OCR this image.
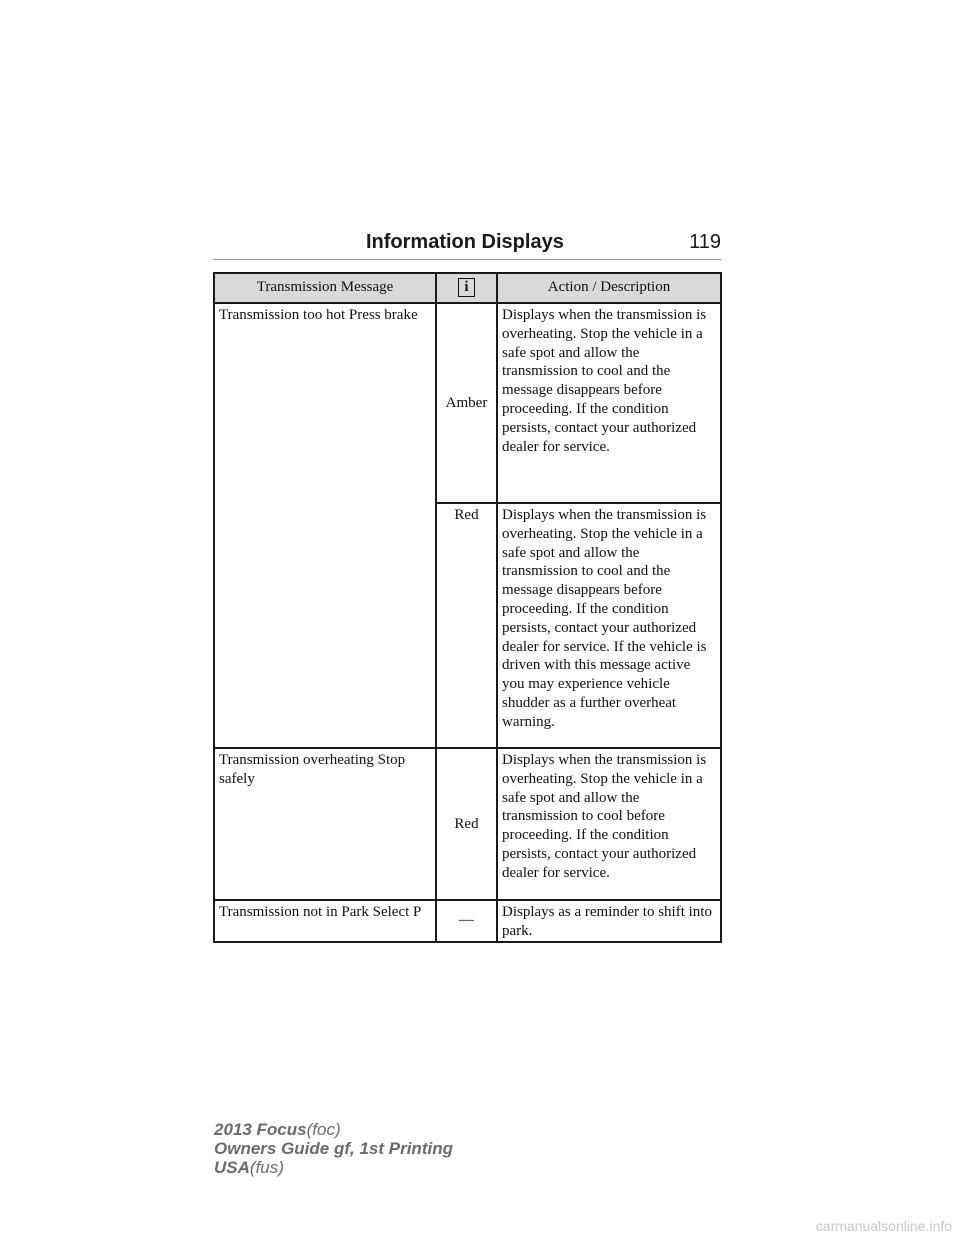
Information Displays	119
Transmission Message	i	Action / Description
Transmission too hot Press brake	Amber	Displays when the transmission is overheating. Stop the vehicle in a safe spot and allow the transmission to cool and the message disappears before proceeding. If the condition persists, contact your authorized dealer for service.
	Red	Displays when the transmission is overheating. Stop the vehicle in a safe spot and allow the transmission to cool and the message disappears before proceeding. If the condition persists, contact your authorized dealer for service. If the vehicle is driven with this message active you may experience vehicle shudder as a further overheat warning.
Transmission overheating Stop safely	Red	Displays when the transmission is overheating. Stop the vehicle in a safe spot and allow the transmission to cool before proceeding. If the condition persists, contact your authorized dealer for service.
Transmission not in Park Select P	—	Displays as a reminder to shift into park.
2013 Focus(foc)
Owners Guide gf, 1st Printing
USA(fus)
carmanualsonline.info
